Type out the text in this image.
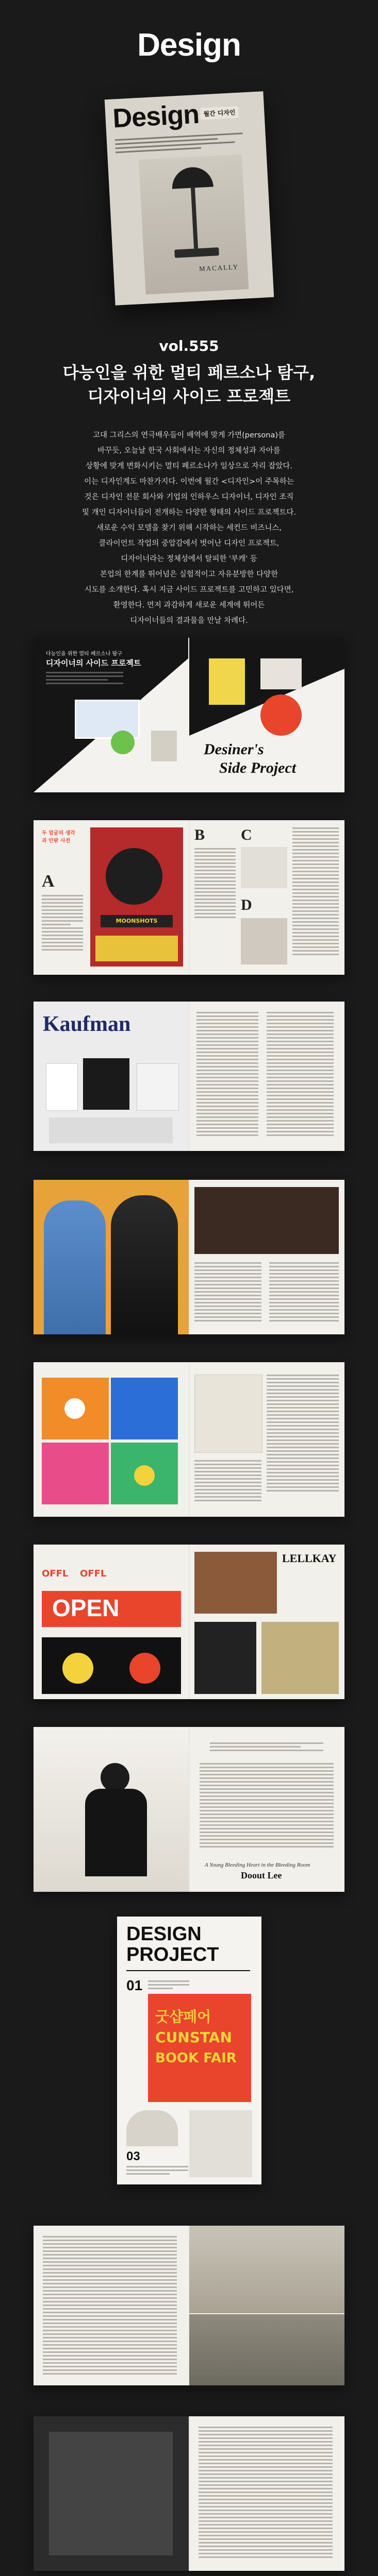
Design
Design 월간 디자인
MACALLY
vol.555
다능인을 위한 멀티 페르소나 탐구,
디자이너의 사이드 프로젝트
고대 그리스의 연극배우들이 배역에 맞게 가면(persona)를
바꾸듯, 오늘날 한국 사회에서는 자신의 정체성과 자아를
상황에 맞게 변화시키는 멀티 페르소나가 일상으로 자리 잡았다.
이는 디자인계도 마찬가지다. 이번에 월간 <디자인>이 주목하는
것은 디자인 전문 회사와 기업의 인하우스 디자이너, 디자인 조직
및 개인 디자이너들이 전개하는 다양한 형태의 사이드 프로젝트다.
새로운 수익 모델을 찾기 위해 시작하는 세컨드 비즈니스,
클라이언트 작업의 중압감에서 벗어난 디자인 프로젝트,
디자이너라는 정체성에서 탈피한 '부캐' 등
본업의 한계를 뛰어넘은 실험적이고 자유분방한 다양한
시도를 소개한다. 혹시 지금 사이드 프로젝트를 고민하고 있다면,
환영한다. 먼저 과감하게 새로운 세계에 뛰어든
디자이너들의 결과물을 만날 차례다.
다능인을 위한 멀티 페르소나 탐구
디자이너의 사이드 프로젝트
Desiner's
Side Project
두 얼굴의 생각과 안팎 사전
A
MOONSHOTS
B C
D
Kaufman
OFFL OFFL
OPEN
LELLKAY
A Young Bleeding Heart in the Bleeding Room
Doout Lee
DESIGN
PROJECT
01
굿샵페어
CUNSTAN
BOOK FAIR
03
